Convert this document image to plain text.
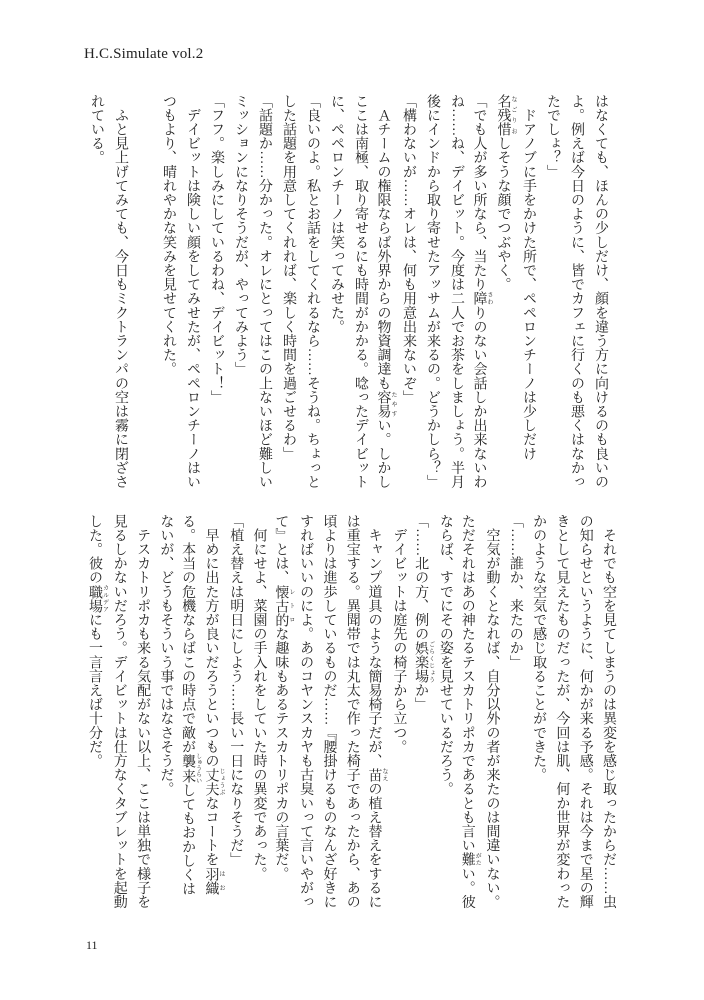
H.C.Simulate vol.2
はなくても、ほんの少しだけ、顔を違う方に向けるのも良いの
よ。例えば今日のように、皆でカフェに行くのも悪くはなかっ
たでしょ？」
　ドアノブに手をかけた所で、ペペロンチーノは少しだけ
名残惜 なごりおしそうな顔でつぶやく。
「でも人が多い所なら、当たり障 さわりのない会話しか出来ないわ
ね……ね、デイビット。今度は二人でお茶をしましょう。半月
後にインドから取り寄せたアッサムが来るの。どうかしら？」
「構わないが……オレは、何も用意出来ないぞ」
　Ａチームの権限ならば外界からの物資調達も容易 たやすい。しかし
ここは南極、取り寄せるにも時間がかかる。唸ったデイビット
に、ペペロンチーノは笑ってみせた。
「良いのよ。私とお話をしてくれるなら……そうね。ちょっと
した話題を用意してくれれば、楽しく時間を過ごせるわ」
「話題か……分かった。オレにとってはこの上ないほど難しい
ミッションになりそうだが、やってみよう」
「フフ。楽しみにしているわね、デイビット！」
　デイビットは険しい顔をしてみせたが、ペペロンチーノはい
つもより、晴れやかな笑みを見せてくれた。

　ふと見上げてみても、今日もミクトランパの空は霧に閉ざさ
れている。
　それでも空を見てしまうのは異変を感じ取ったからだ……虫
の知らせというように、何かが来る予感。それは今まで星の輝
きとして見えたものだったが、今回は肌、何か世界が変わった
かのような空気で感じ取ることができた。
「……誰か、来たのか」
　空気が動くとなれば、自分以外の者が来たのは間違いない。
ただそれはあの神たるテスカトリポカであるとも言い難 がたい。彼
ならば、すでにその姿を見せているだろう。
「……北の方、例の娯楽場 ごらくじょうか」
　デイビットは庭先の椅子から立つ。
　キャンプ道具のような簡易椅子だが、苗 なえの植え替えをするに
は重宝する。異聞帯では丸太で作った椅子であったから、あの
頃よりは進歩しているものだ……『腰掛けるものなんざ好きに
すればいいのによ。あのコヤンスカヤも古臭いって言いやがっ
て』とは、懐古的 レトロな趣味もあるテスカトリポカの言葉だ。
　何にせよ、菜園の手入れをしていた時の異変であった。
「植え替えは明日にしよう……長い一日になりそうだ」
　早めに出た方が良いだろうといつもの丈夫 じょうぶなコートを羽織 はお
る。本当の危機ならばこの時点で敵が襲来 しゅうらいしてもおかしくは
ないが、どうもそういう事ではなさそうだ。
　テスカトリポカも来る気配がない以上、ここは単独で様子を
見るしかないだろう。デイビットは仕方なくタブレットを起動
した。彼の職場 カルデアにも一言言えば十分だ。
11
